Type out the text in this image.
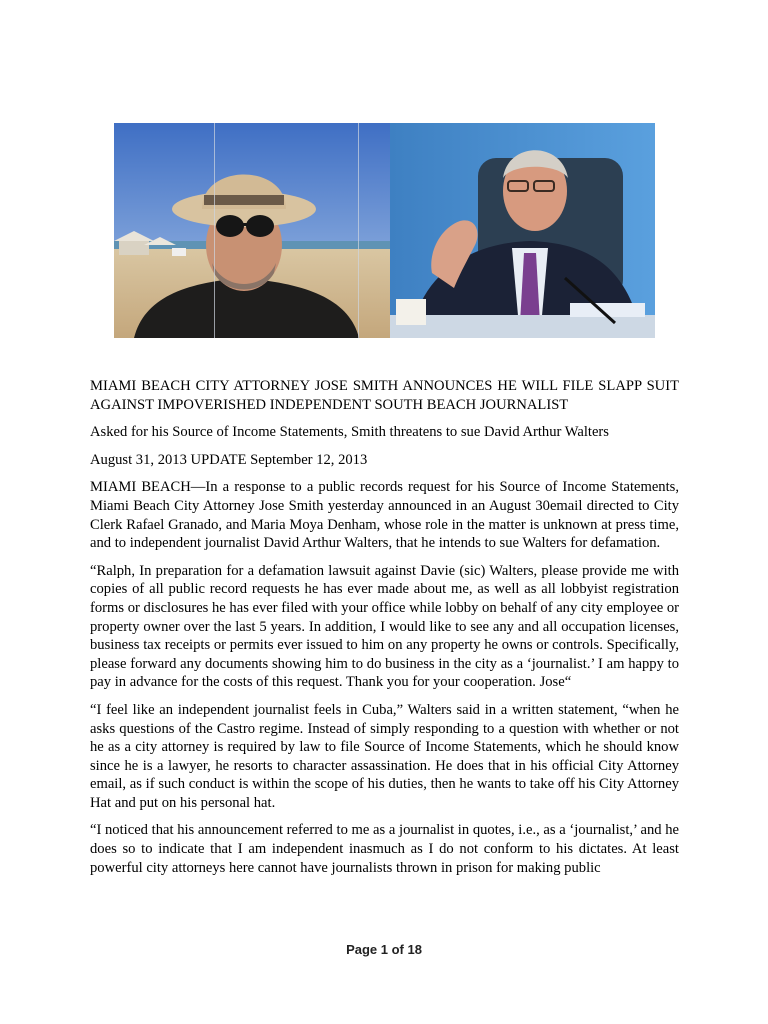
MIAMI BEACH CITY ATTORNEY JOSE SMITH ANNOUNCES HE WILL FILE SLAPP SUIT AGAINST IMPOVERISHED INDEPENDENT SOUTH BEACH JOURNALIST

Asked for his Source of Income Statements, Smith threatens to sue David Arthur Walters

August 31, 2013 UPDATE September 12, 2013

MIAMI BEACH—In a response to a public records request for his Source of Income Statements, Miami Beach City Attorney Jose Smith yesterday announced in an August 30email directed to City Clerk Rafael Granado, and Maria Moya Denham, whose role in the matter is unknown at press time, and to independent journalist David Arthur Walters, that he intends to sue Walters for defamation.

“Ralph, In preparation for a defamation lawsuit against Davie (sic) Walters, please provide me with copies of all public record requests he has ever made about me, as well as all lobbyist registration forms or disclosures he has ever filed with your office while lobby on behalf of any city employee or property owner over the last 5 years. In addition, I would like to see any and all occupation licenses, business tax receipts or permits ever issued to him on any property he owns or controls. Specifically, please forward any documents showing him to do business in the city as a ‘journalist.’ I am happy to pay in advance for the costs of this request. Thank you for your cooperation. Jose“

“I feel like an independent journalist feels in Cuba,” Walters said in a written statement, “when he asks questions of the Castro regime. Instead of simply responding to a question with whether or not he as a city attorney is required by law to file Source of Income Statements, which he should know since he is a lawyer, he resorts to character assassination. He does that in his official City Attorney email, as if such conduct is within the scope of his duties, then he wants to take off his City Attorney Hat and put on his personal hat.

“I noticed that his announcement referred to me as a journalist in quotes, i.e., as a ‘journalist,’ and he does so to indicate that I am independent inasmuch as I do not conform to his dictates. At least powerful city attorneys here cannot have journalists thrown in prison for making public

Page 1 of 18
